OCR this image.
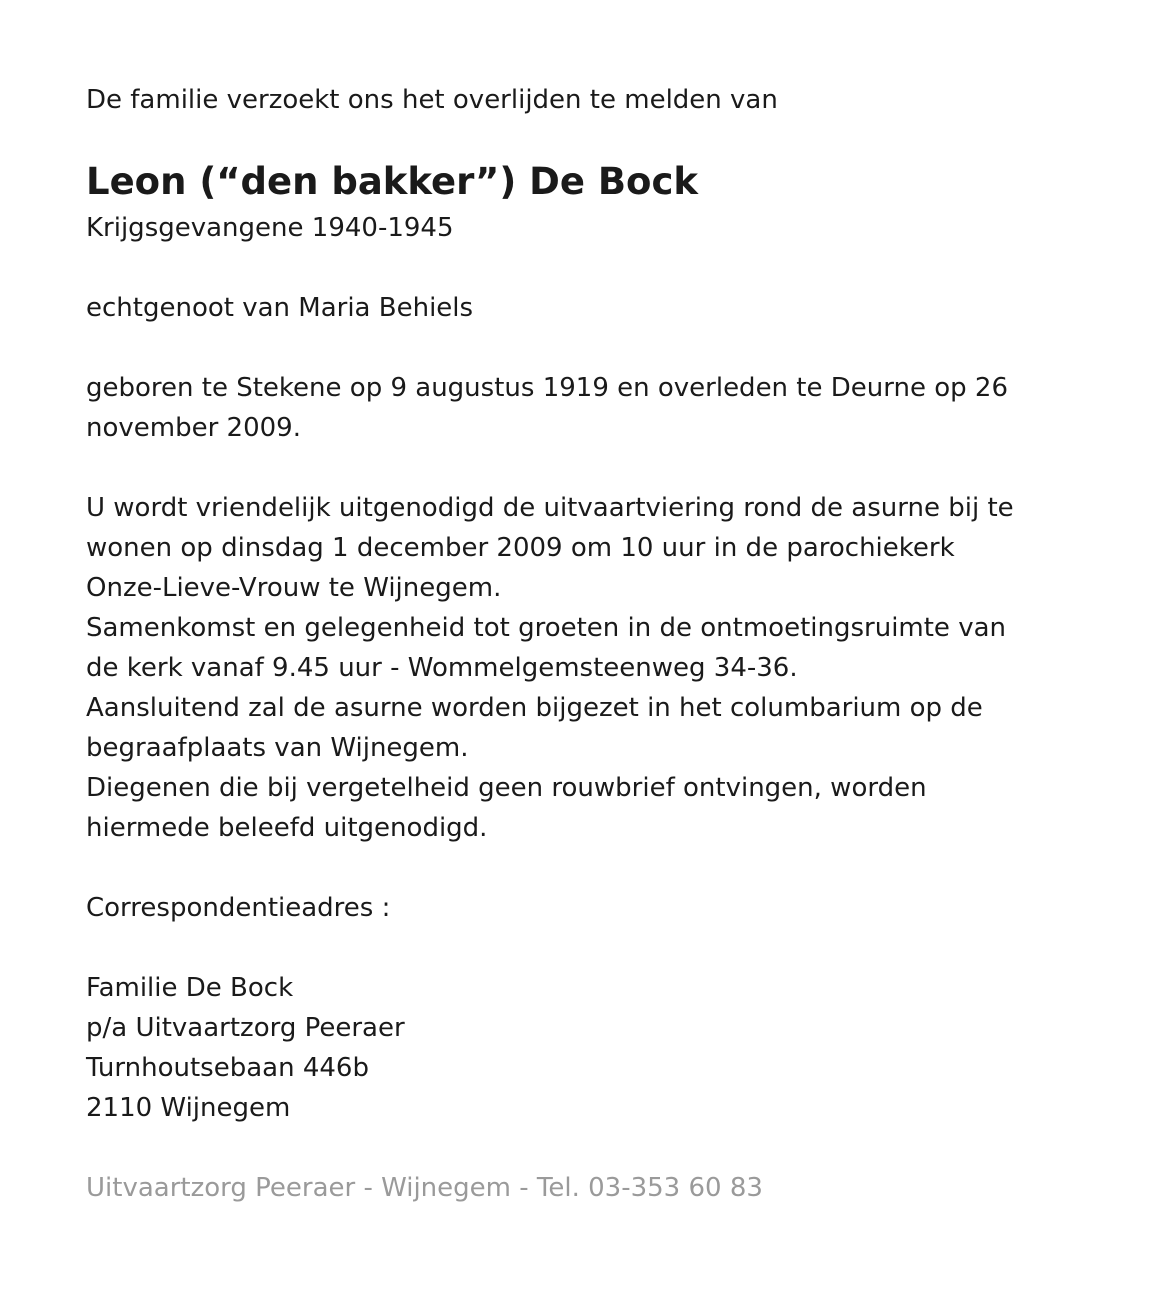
De familie verzoekt ons het overlijden te melden van

Leon (“den bakker”) De Bock

Krijgsgevangene 1940-1945

echtgenoot van Maria Behiels

geboren te Stekene op 9 augustus 1919 en overleden te Deurne op 26

november 2009.

U wordt vriendelijk uitgenodigd de uitvaartviering rond de asurne bij te

wonen op dinsdag 1 december 2009 om 10 uur in de parochiekerk

Onze-Lieve-Vrouw te Wijnegem.

Samenkomst en gelegenheid tot groeten in de ontmoetingsruimte van

de kerk vanaf 9.45 uur - Wommelgemsteenweg 34-36.

Aansluitend zal de asurne worden bijgezet in het columbarium op de

begraafplaats van Wijnegem.

Diegenen die bij vergetelheid geen rouwbrief ontvingen, worden

hiermede beleefd uitgenodigd.

Correspondentieadres :

Familie De Bock

p/a Uitvaartzorg Peeraer

Turnhoutsebaan 446b

2110 Wijnegem

Uitvaartzorg Peeraer - Wijnegem - Tel. 03-353 60 83
